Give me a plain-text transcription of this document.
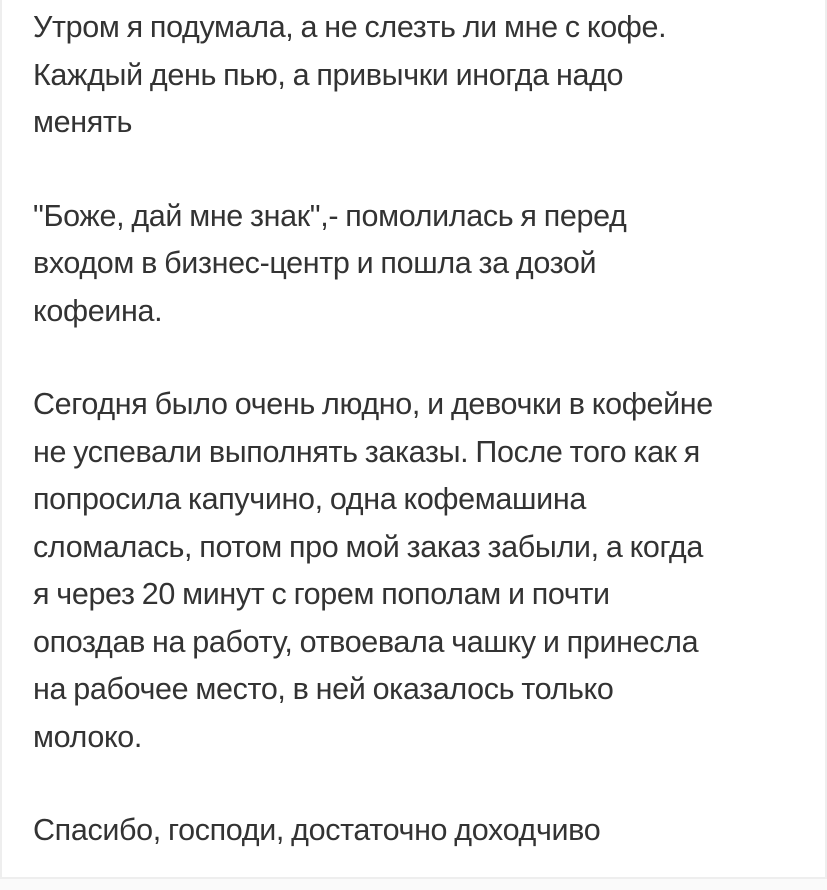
Утром я подумала, а не слезть ли мне с кофе.
Каждый день пью, а привычки иногда надо
менять

"Боже, дай мне знак",- помолилась я перед
входом в бизнес-центр и пошла за дозой
кофеина.

Сегодня было очень людно, и девочки в кофейне
не успевали выполнять заказы. После того как я
попросила капучино, одна кофемашина
сломалась, потом про мой заказ забыли, а когда
я через 20 минут с горем пополам и почти
опоздав на работу, отвоевала чашку и принесла
на рабочее место, в ней оказалось только
молоко.

Спасибо, господи, достаточно доходчиво
